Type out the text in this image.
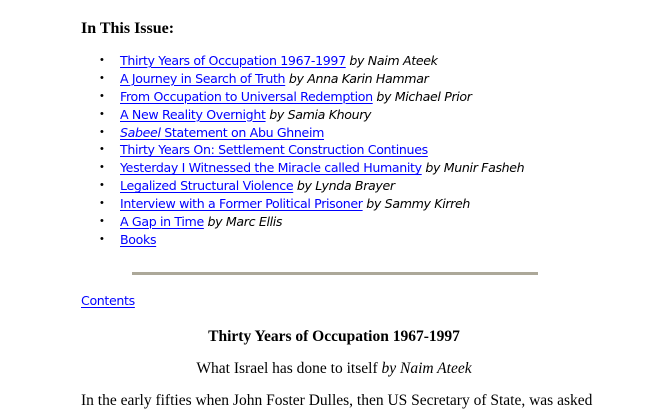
In This Issue:
• Thirty Years of Occupation 1967-1997 by Naim Ateek
• A Journey in Search of Truth by Anna Karin Hammar
• From Occupation to Universal Redemption by Michael Prior
• A New Reality Overnight by Samia Khoury
• Sabeel Statement on Abu Ghneim
• Thirty Years On: Settlement Construction Continues
• Yesterday I Witnessed the Miracle called Humanity by Munir Fasheh
• Legalized Structural Violence by Lynda Brayer
• Interview with a Former Political Prisoner by Sammy Kirreh
• A Gap in Time by Marc Ellis
• Books
Contents
Thirty Years of Occupation 1967-1997

What Israel has done to itself by Naim Ateek

In the early fifties when John Foster Dulles, then US Secretary of State, was asked
